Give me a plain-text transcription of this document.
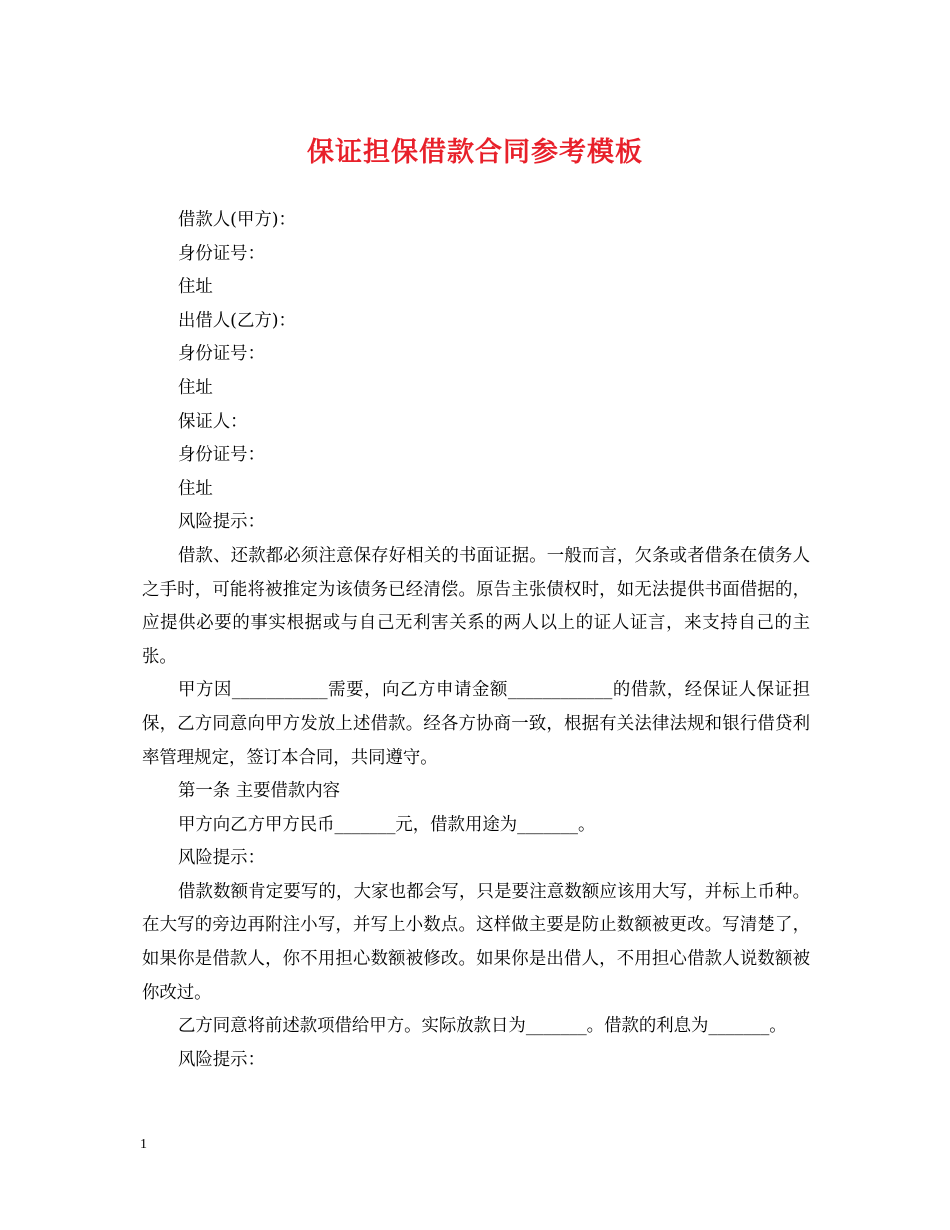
保证担保借款合同参考模板

借款人(甲方)：

身份证号：

住址

出借人(乙方)：

身份证号：

住址

保证人：

身份证号：

住址

风险提示：

借款、还款都必须注意保存好相关的书面证据。一般而言，欠条或者借条在债务人之手时，可能将被推定为该债务已经清偿。原告主张债权时，如无法提供书面借据的，应提供必要的事实根据或与自己无利害关系的两人以上的证人证言，来支持自己的主张。

甲方因___________需要，向乙方申请金额____________的借款，经保证人保证担保，乙方同意向甲方发放上述借款。经各方协商一致，根据有关法律法规和银行借贷利率管理规定，签订本合同，共同遵守。

第一条 主要借款内容

甲方向乙方甲方民币_______元，借款用途为_______。

风险提示：

借款数额肯定要写的，大家也都会写，只是要注意数额应该用大写，并标上币种。在大写的旁边再附注小写，并写上小数点。这样做主要是防止数额被更改。写清楚了，如果你是借款人，你不用担心数额被修改。如果你是出借人，不用担心借款人说数额被你改过。

乙方同意将前述款项借给甲方。实际放款日为_______。借款的利息为_______。

风险提示：

1
